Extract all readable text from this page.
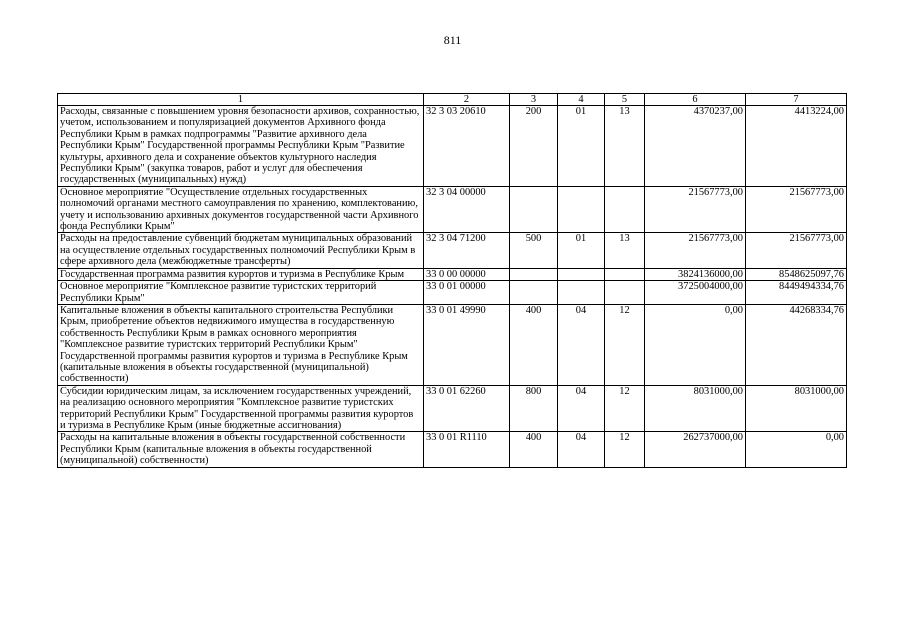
811
1	2	3	4	5	6	7
Расходы, связанные с повышением уровня безопасности архивов, сохранностью, учетом, использованием и популяризацией документов Архивного фонда Республики Крым в рамках подпрограммы "Развитие архивного дела Республики Крым" Государственной программы Республики Крым "Развитие культуры, архивного дела и сохранение объектов культурного наследия Республики Крым" (закупка товаров, работ и услуг для обеспечения государственных (муниципальных) нужд)	32 3 03 20610	200	01	13	4370237,00	4413224,00
Основное мероприятие "Осуществление отдельных государственных полномочий органами местного самоуправления по хранению, комплектованию, учету и использованию архивных документов государственной части Архивного фонда Республики Крым"	32 3 04 00000				21567773,00	21567773,00
Расходы на предоставление субвенций бюджетам муниципальных образований на осуществление отдельных государственных полномочий Республики Крым в сфере архивного дела (межбюджетные трансферты)	32 3 04 71200	500	01	13	21567773,00	21567773,00
Государственная программа развития курортов и туризма в Республике Крым	33 0 00 00000				3824136000,00	8548625097,76
Основное мероприятие "Комплексное развитие туристских территорий Республики Крым"	33 0 01 00000				3725004000,00	8449494334,76
Капитальные вложения в объекты капитального строительства Республики Крым, приобретение объектов недвижимого имущества в государственную собственность Республики Крым в рамках основного мероприятия "Комплексное развитие туристских территорий Республики Крым" Государственной программы развития курортов и туризма в Республике Крым (капитальные вложения в объекты государственной (муниципальной) собственности)	33 0 01 49990	400	04	12	0,00	44268334,76
Субсидии юридическим лицам, за исключением государственных учреждений, на реализацию основного мероприятия "Комплексное развитие туристских территорий Республики Крым" Государственной программы развития курортов и туризма в Республике Крым (иные бюджетные ассигнования)	33 0 01 62260	800	04	12	8031000,00	8031000,00
Расходы на капитальные вложения в объекты государственной собственности Республики Крым (капитальные вложения в объекты государственной (муниципальной) собственности)	33 0 01 R1110	400	04	12	262737000,00	0,00
